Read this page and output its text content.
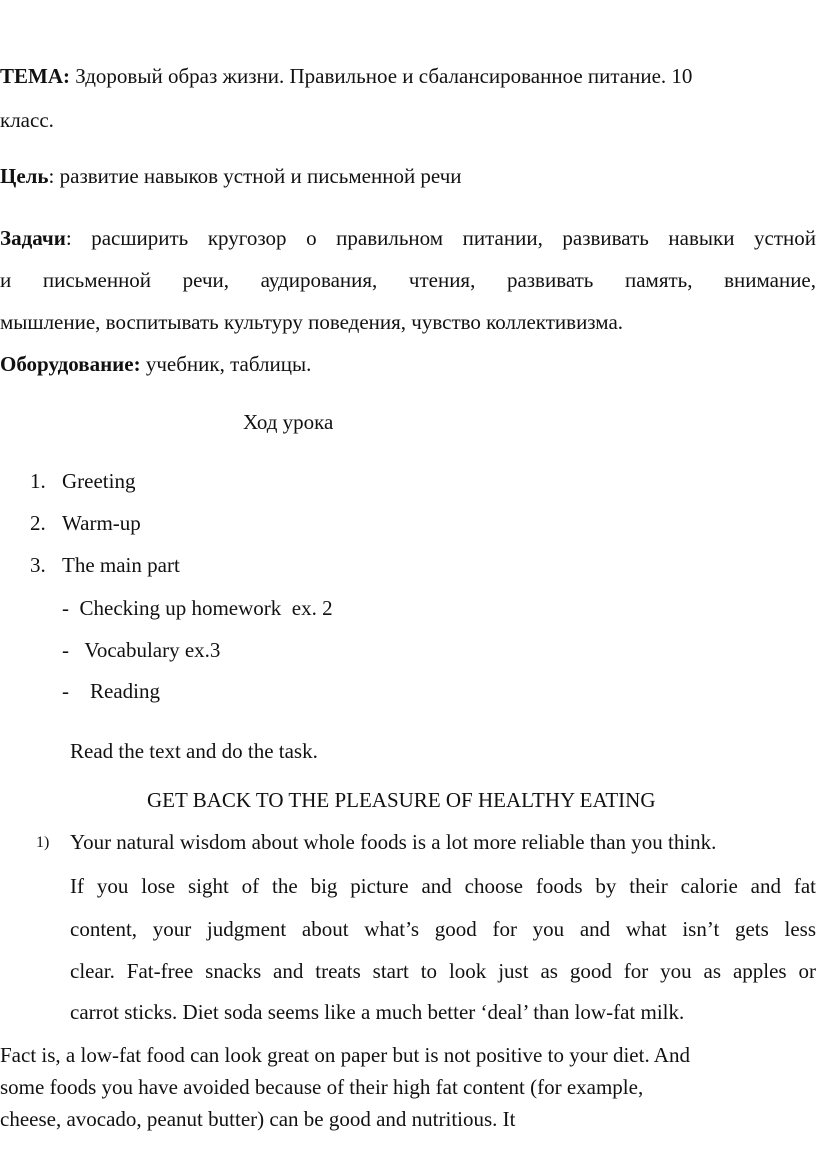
ТЕМА: Здоровый образ жизни. Правильное и сбалансированное питание. 10
класс.
Цель: развитие навыков устной и письменной речи
Задачи: расширить кругозор о правильном питании, развивать навыки устной
и письменной речи, аудирования, чтения, развивать память, внимание,
мышление, воспитывать культуру поведения, чувство коллективизма.
Оборудование: учебник, таблицы.
Ход урока
1. Greeting
2. Warm-up
3. The main part
-  Checking up homework  ex. 2
-   Vocabulary ex.3
-    Reading
Read the text and do the task.
GET BACK TO THE PLEASURE OF HEALTHY EATING
1) Your natural wisdom about whole foods is a lot more reliable than you think.
If you lose sight of the big picture and choose foods by their calorie and fat
content, your judgment about what’s good for you and what isn’t gets less
clear. Fat-free snacks and treats start to look just as good for you as apples or
carrot sticks. Diet soda seems like a much better ‘deal’ than low-fat milk.
Fact is, a low-fat food can look great on paper but is not positive to your diet. And
some foods you have avoided because of their high fat content (for example,
cheese, avocado, peanut butter) can be good and nutritious. It
